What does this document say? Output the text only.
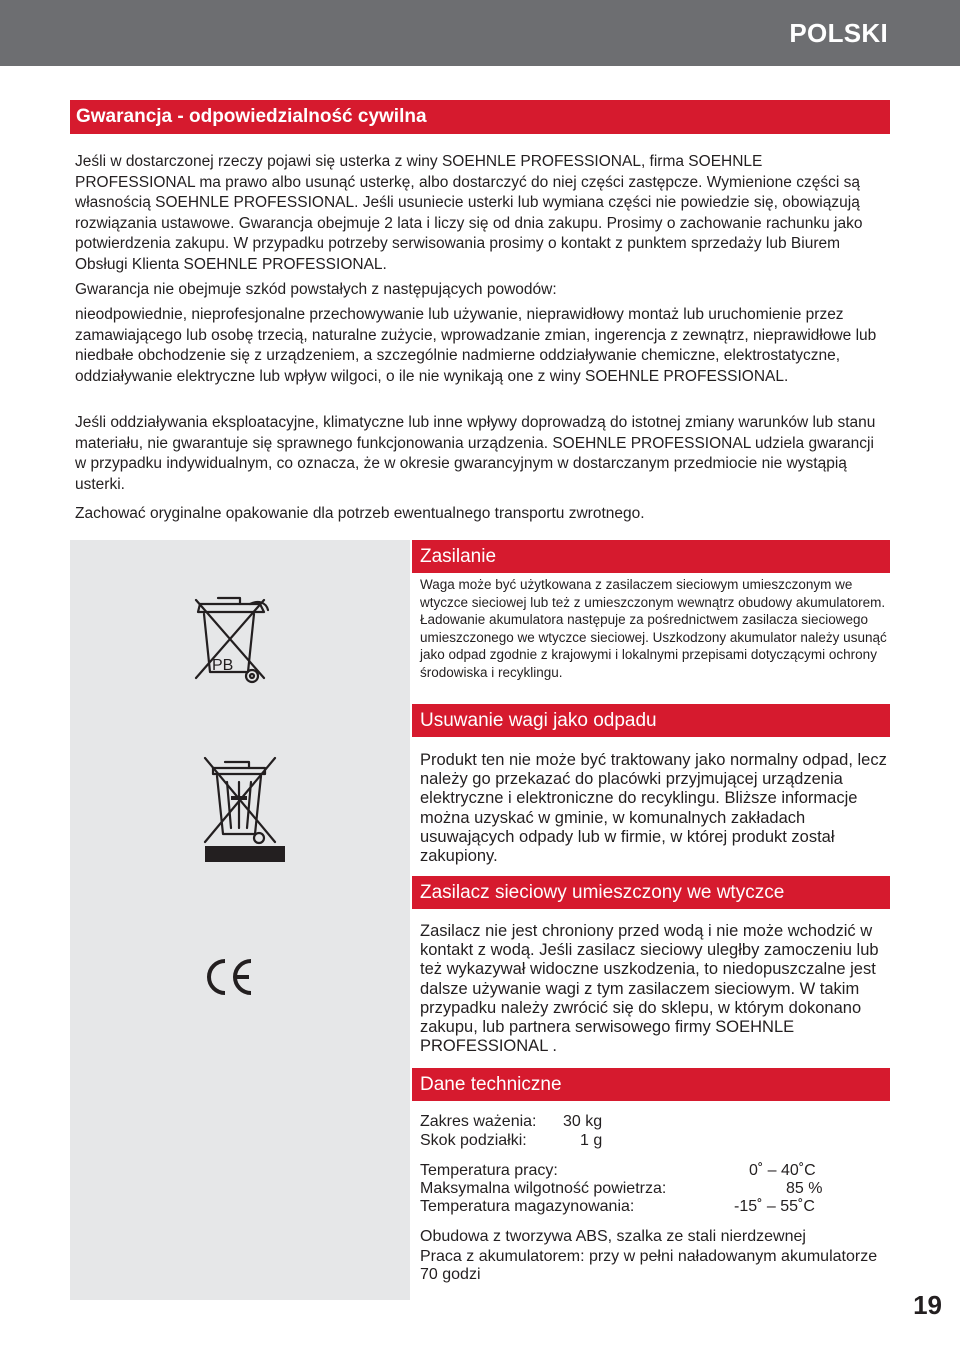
POLSKI
Gwarancja - odpowiedzialność cywilna

Jeśli w dostarczonej rzeczy pojawi się usterka z winy SOEHNLE PROFESSIONAL, firma SOEHNLE PROFESSIONAL ma prawo albo usunąć usterkę, albo dostarczyć do niej części zastępcze. Wymienione części są własnością SOEHNLE PROFESSIONAL. Jeśli usuniecie usterki lub wymiana części nie powiedzie się, obowiązują rozwiązania ustawowe. Gwarancja obejmuje 2 lata i liczy się od dnia zakupu. Prosimy o zachowanie rachunku jako potwierdzenia zakupu. W przypadku potrzeby serwisowania prosimy o kontakt z punktem sprzedaży lub Biurem Obsługi Klienta SOEHNLE PROFESSIONAL.

Gwarancja nie obejmuje szkód powstałych z następujących powodów:

nieodpowiednie, nieprofesjonalne przechowywanie lub używanie, nieprawidłowy montaż lub uruchomienie przez zamawiającego lub osobę trzecią, naturalne zużycie, wprowadzanie zmian, ingerencja z zewnątrz, nieprawidłowe lub niedbałe obchodzenie się z urządzeniem, a szczególnie nadmierne oddziaływanie chemiczne, elektrostatyczne, oddziaływanie elektryczne lub wpływ wilgoci, o ile nie wynikają one z winy SOEHNLE PROFESSIONAL.

Jeśli oddziaływania eksploatacyjne, klimatyczne lub inne wpływy doprowadzą do istotnej zmiany warunków lub stanu materiału, nie gwarantuje się sprawnego funkcjonowania urządzenia. SOEHNLE PROFESSIONAL udziela gwarancji w przypadku indywidualnym, co oznacza, że w okresie gwarancyjnym w dostarczanym przedmiocie nie wystąpią usterki.

Zachować oryginalne opakowanie dla potrzeb ewentualnego transportu zwrotnego.

PB
CE
Zasilanie

Waga może być użytkowana z zasilaczem sieciowym umieszczonym we wtyczce sieciowej lub też z umieszczonym wewnątrz obudowy akumulatorem. Ładowanie akumulatora następuje za pośrednictwem zasilacza sieciowego umieszczonego we wtyczce sieciowej. Uszkodzony akumulator należy usunąć jako odpad zgodnie z krajowymi i lokalnymi przepisami dotyczącymi ochrony środowiska i recyklingu.

Usuwanie wagi jako odpadu

Produkt ten nie może być traktowany jako normalny odpad, lecz należy go przekazać do placówki przyjmującej urządzenia elektryczne i elektroniczne do recyklingu. Bliższe informacje można uzyskać w gminie, w komunalnych zakładach usuwających odpady lub w firmie, w której produkt został zakupiony.

Zasilacz sieciowy umieszczony we wtyczce

Zasilacz nie jest chroniony przed wodą i nie może wchodzić w kontakt z wodą. Jeśli zasilacz sieciowy uległby zamoczeniu lub też wykazywał widoczne uszkodzenia, to niedopuszczalne jest dalsze używanie wagi z tym zasilaczem sieciowym. W takim przypadku należy zwrócić się do sklepu, w którym dokonano zakupu, lub partnera serwisowego firmy SOEHNLE PROFESSIONAL .

Dane techniczne
Zakres ważenia: 30 kg
Skok podziałki:	1 g
Temperatura pracy:	0˚ – 40˚C
Maksymalna wilgotność powietrza:	85 %
Temperatura magazynowania:	-15˚ – 55˚C
Obudowa z tworzywa ABS, szalka ze stali nierdzewnej
Praca z akumulatorem: przy w pełni naładowanym akumulatorze 70 godzi
19
